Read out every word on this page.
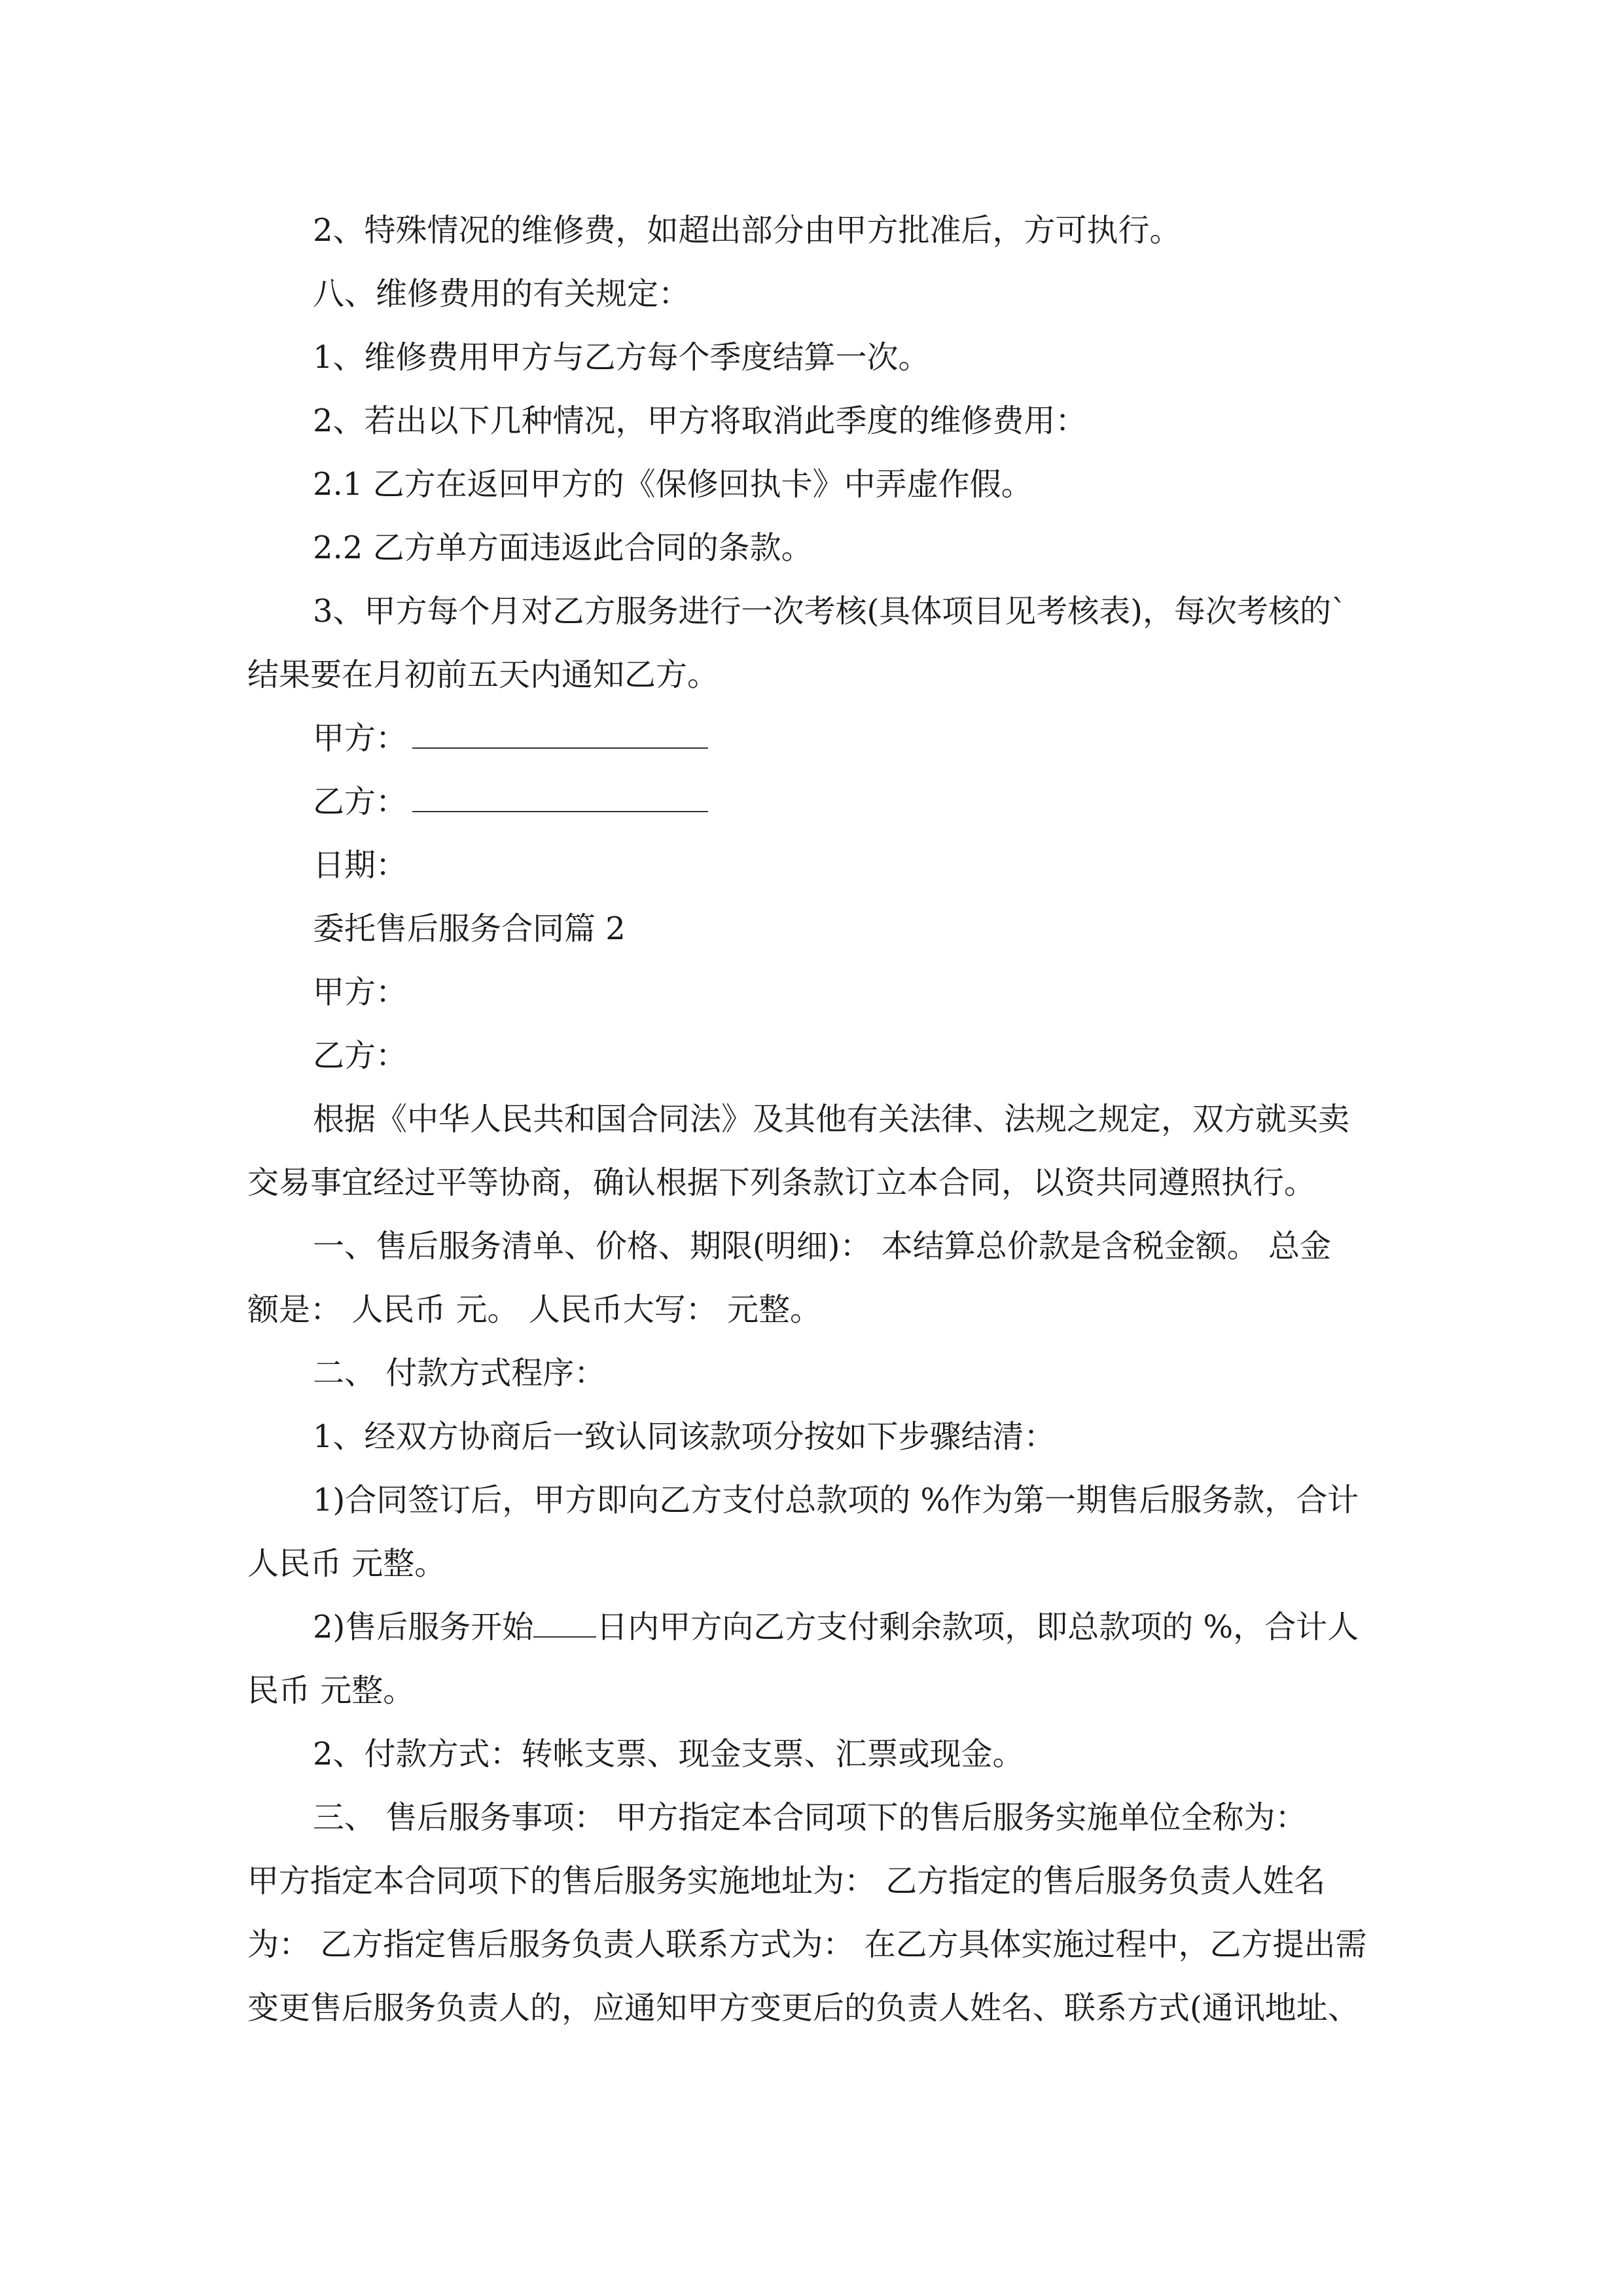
2、特殊情况的维修费，如超出部分由甲方批准后，方可执行。
八、维修费用的有关规定：
1、维修费用甲方与乙方每个季度结算一次。
2、若出以下几种情况，甲方将取消此季度的维修费用：
2.1 乙方在返回甲方的《保修回执卡》中弄虚作假。
2.2 乙方单方面违返此合同的条款。
3、甲方每个月对乙方服务进行一次考核(具体项目见考核表)，每次考核的`
结果要在月初前五天内通知乙方。
甲方：
乙方：
日期：
委托售后服务合同篇 2
甲方：
乙方：
根据《中华人民共和国合同法》及其他有关法律、法规之规定，双方就买卖
交易事宜经过平等协商，确认根据下列条款订立本合同，以资共同遵照执行。
一、售后服务清单、价格、期限(明细)： 本结算总价款是含税金额。 总金
额是： 人民币 元。 人民币大写： 元整。
二、 付款方式程序：
1、经双方协商后一致认同该款项分按如下步骤结清：
1)合同签订后，甲方即向乙方支付总款项的 %作为第一期售后服务款，合计
人民币 元整。
2)售后服务开始 日内甲方向乙方支付剩余款项，即总款项的 %，合计人
民币 元整。
2、付款方式：转帐支票、现金支票、汇票或现金。
三、 售后服务事项： 甲方指定本合同项下的售后服务实施单位全称为：
甲方指定本合同项下的售后服务实施地址为： 乙方指定的售后服务负责人姓名
为： 乙方指定售后服务负责人联系方式为： 在乙方具体实施过程中，乙方提出需
变更售后服务负责人的，应通知甲方变更后的负责人姓名、联系方式(通讯地址、
